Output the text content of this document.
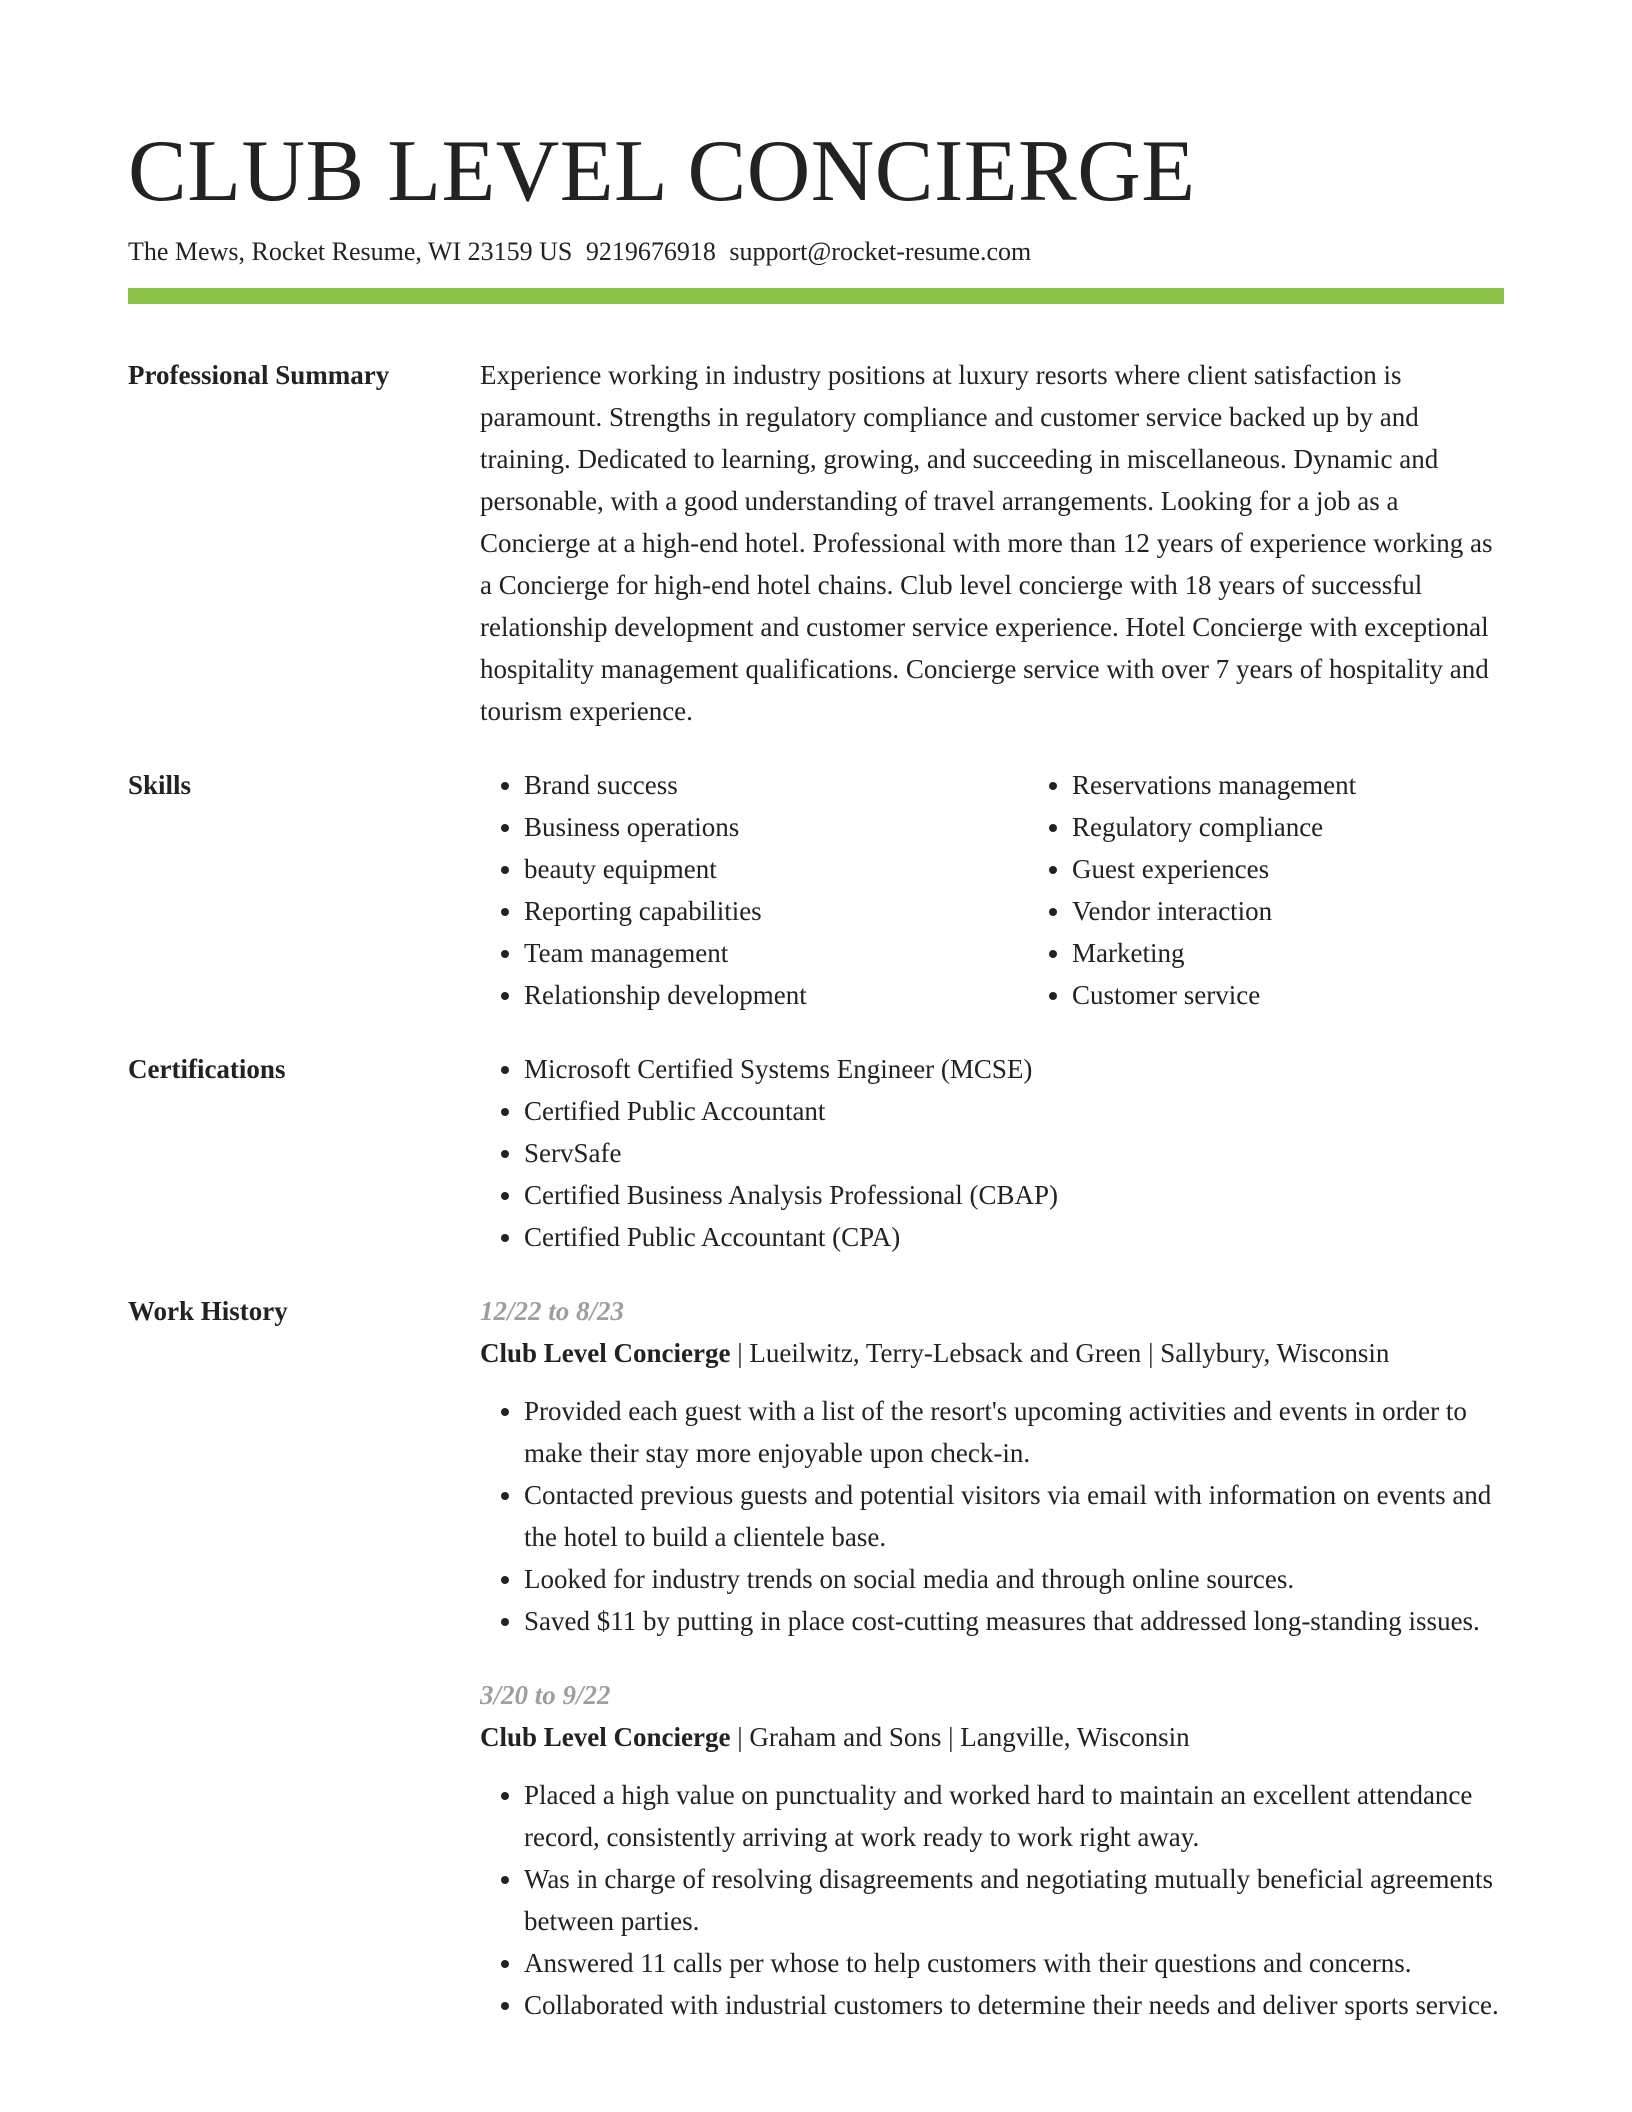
CLUB LEVEL CONCIERGE
The Mews, Rocket Resume, WI 23159 US 9219676918 support@rocket-resume.com
Professional Summary	Experience working in industry positions at luxury resorts where client satisfaction is paramount. Strengths in regulatory compliance and customer service backed up by and training. Dedicated to learning, growing, and succeeding in miscellaneous. Dynamic and personable, with a good understanding of travel arrangements. Looking for a job as a Concierge at a high-end hotel. Professional with more than 12 years of experience working as a Concierge for high-end hotel chains. Club level concierge with 18 years of successful relationship development and customer service experience. Hotel Concierge with exceptional hospitality management qualifications. Concierge service with over 7 years of hospitality and tourism experience.

Skills	• Brand success
• Business operations
• beauty equipment
• Reporting capabilities
• Team management
• Relationship development
• Reservations management
• Regulatory compliance
• Guest experiences
• Vendor interaction
• Marketing
• Customer service
Certifications	• Microsoft Certified Systems Engineer (MCSE)
• Certified Public Accountant
• ServSafe
• Certified Business Analysis Professional (CBAP)
• Certified Public Accountant (CPA)
Work History	12/22 to 8/23
Club Level Concierge | Lueilwitz, Terry-Lebsack and Green | Sallybury, Wisconsin
• Provided each guest with a list of the resort's upcoming activities and events in order to make their stay more enjoyable upon check-in.
• Contacted previous guests and potential visitors via email with information on events and the hotel to build a clientele base.
• Looked for industry trends on social media and through online sources.
• Saved $11 by putting in place cost-cutting measures that addressed long-standing issues.
3/20 to 9/22
Club Level Concierge | Graham and Sons | Langville, Wisconsin
• Placed a high value on punctuality and worked hard to maintain an excellent attendance record, consistently arriving at work ready to work right away.
• Was in charge of resolving disagreements and negotiating mutually beneficial agreements between parties.
• Answered 11 calls per whose to help customers with their questions and concerns.
• Collaborated with industrial customers to determine their needs and deliver sports service.
